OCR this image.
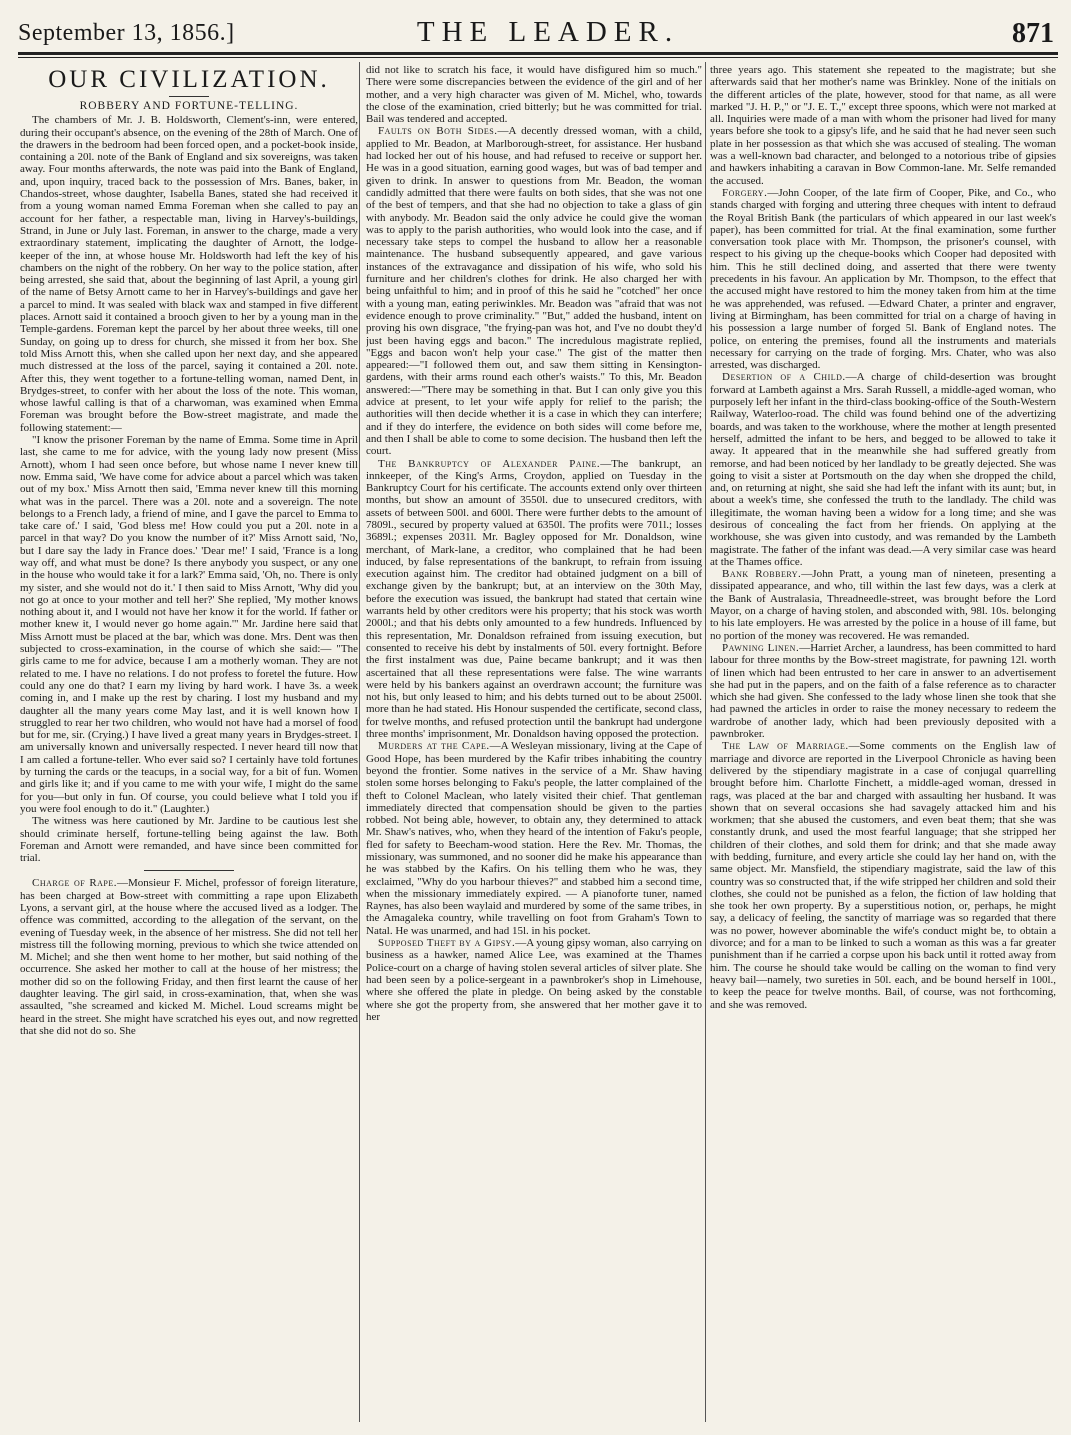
September 13, 1856.]	THE LEADER.	871
OUR CIVILIZATION.
ROBBERY AND FORTUNE-TELLING.

The chambers of Mr. J. B. Holdsworth, Clement's-inn, were entered, during their occupant's absence, on the evening of the 28th of March. One of the drawers in the bedroom had been forced open, and a pocket-book inside, containing a 20l. note of the Bank of England and six sovereigns, was taken away. Four months afterwards, the note was paid into the Bank of England, and, upon inquiry, traced back to the possession of Mrs. Banes, baker, in Chandos-street, whose daughter, Isabella Banes, stated she had received it from a young woman named Emma Foreman when she called to pay an account for her father, a respectable man, living in Harvey's-buildings, Strand, in June or July last. Foreman, in answer to the charge, made a very extraordinary statement, implicating the daughter of Arnott, the lodge-keeper of the inn, at whose house Mr. Holdsworth had left the key of his chambers on the night of the robbery. On her way to the police station, after being arrested, she said that, about the beginning of last April, a young girl of the name of Betsy Arnott came to her in Harvey's-buildings and gave her a parcel to mind. It was sealed with black wax and stamped in five different places. Arnott said it contained a brooch given to her by a young man in the Temple-gardens. Foreman kept the parcel by her about three weeks, till one Sunday, on going up to dress for church, she missed it from her box. She told Miss Arnott this, when she called upon her next day, and she appeared much distressed at the loss of the parcel, saying it contained a 20l. note. After this, they went together to a fortune-telling woman, named Dent, in Brydges-street, to confer with her about the loss of the note. This woman, whose lawful calling is that of a charwoman, was examined when Emma Foreman was brought before the Bow-street magistrate, and made the following statement:—

"I know the prisoner Foreman by the name of Emma. Some time in April last, she came to me for advice, with the young lady now present (Miss Arnott), whom I had seen once before, but whose name I never knew till now. Emma said, 'We have come for advice about a parcel which was taken out of my box.' Miss Arnott then said, 'Emma never knew till this morning what was in the parcel. There was a 20l. note and a sovereign. The note belongs to a French lady, a friend of mine, and I gave the parcel to Emma to take care of.' I said, 'God bless me! How could you put a 20l. note in a parcel in that way? Do you know the number of it?' Miss Arnott said, 'No, but I dare say the lady in France does.' 'Dear me!' I said, 'France is a long way off, and what must be done? Is there anybody you suspect, or any one in the house who would take it for a lark?' Emma said, 'Oh, no. There is only my sister, and she would not do it.' I then said to Miss Arnott, 'Why did you not go at once to your mother and tell her?' She replied, 'My mother knows nothing about it, and I would not have her know it for the world. If father or mother knew it, I would never go home again.'" Mr. Jardine here said that Miss Arnott must be placed at the bar, which was done. Mrs. Dent was then subjected to cross-examination, in the course of which she said:— "The girls came to me for advice, because I am a motherly woman. They are not related to me. I have no relations. I do not profess to foretel the future. How could any one do that? I earn my living by hard work. I have 3s. a week coming in, and I make up the rest by charing. I lost my husband and my daughter all the many years come May last, and it is well known how I struggled to rear her two children, who would not have had a morsel of food but for me, sir. (Crying.) I have lived a great many years in Brydges-street. I am universally known and universally respected. I never heard till now that I am called a fortune-teller. Who ever said so? I certainly have told fortunes by turning the cards or the teacups, in a social way, for a bit of fun. Women and girls like it; and if you came to me with your wife, I might do the same for you—but only in fun. Of course, you could believe what I told you if you were fool enough to do it." (Laughter.)

The witness was here cautioned by Mr. Jardine to be cautious lest she should criminate herself, fortune-telling being against the law. Both Foreman and Arnott were remanded, and have since been committed for trial.

Charge of Rape.—Monsieur F. Michel, professor of foreign literature, has been charged at Bow-street with committing a rape upon Elizabeth Lyons, a servant girl, at the house where the accused lived as a lodger. The offence was committed, according to the allegation of the servant, on the evening of Tuesday week, in the absence of her mistress. She did not tell her mistress till the following morning, previous to which she twice attended on M. Michel; and she then went home to her mother, but said nothing of the occurrence. She asked her mother to call at the house of her mistress; the mother did so on the following Friday, and then first learnt the cause of her daughter leaving. The girl said, in cross-examination, that, when she was assaulted, "she screamed and kicked M. Michel. Loud screams might be heard in the street. She might have scratched his eyes out, and now regretted that she did not do so. She

did not like to scratch his face, it would have disfigured him so much." There were some discrepancies between the evidence of the girl and of her mother, and a very high character was given of M. Michel, who, towards the close of the examination, cried bitterly; but he was committed for trial. Bail was tendered and accepted.

Faults on Both Sides.—A decently dressed woman, with a child, applied to Mr. Beadon, at Marlborough-street, for assistance. Her husband had locked her out of his house, and had refused to receive or support her. He was in a good situation, earning good wages, but was of bad temper and given to drink. In answer to questions from Mr. Beadon, the woman candidly admitted that there were faults on both sides, that she was not one of the best of tempers, and that she had no objection to take a glass of gin with anybody. Mr. Beadon said the only advice he could give the woman was to apply to the parish authorities, who would look into the case, and if necessary take steps to compel the husband to allow her a reasonable maintenance. The husband subsequently appeared, and gave various instances of the extravagance and dissipation of his wife, who sold his furniture and her children's clothes for drink. He also charged her with being unfaithful to him; and in proof of this he said he "cotched" her once with a young man, eating periwinkles. Mr. Beadon was "afraid that was not evidence enough to prove criminality." "But," added the husband, intent on proving his own disgrace, "the frying-pan was hot, and I've no doubt they'd just been having eggs and bacon." The incredulous magistrate replied, "Eggs and bacon won't help your case." The gist of the matter then appeared:—"I followed them out, and saw them sitting in Kensington-gardens, with their arms round each other's waists." To this, Mr. Beadon answered:—"There may be something in that. But I can only give you this advice at present, to let your wife apply for relief to the parish; the authorities will then decide whether it is a case in which they can interfere; and if they do interfere, the evidence on both sides will come before me, and then I shall be able to come to some decision. The husband then left the court.

The Bankruptcy of Alexander Paine.—The bankrupt, an innkeeper, of the King's Arms, Croydon, applied on Tuesday in the Bankruptcy Court for his certificate. The accounts extend only over thirteen months, but show an amount of 3550l. due to unsecured creditors, with assets of between 500l. and 600l. There were further debts to the amount of 7809l., secured by property valued at 6350l. The profits were 701l.; losses 3689l.; expenses 2031l. Mr. Bagley opposed for Mr. Donaldson, wine merchant, of Mark-lane, a creditor, who complained that he had been induced, by false representations of the bankrupt, to refrain from issuing execution against him. The creditor had obtained judgment on a bill of exchange given by the bankrupt; but, at an interview on the 30th May, before the execution was issued, the bankrupt had stated that certain wine warrants held by other creditors were his property; that his stock was worth 2000l.; and that his debts only amounted to a few hundreds. Influenced by this representation, Mr. Donaldson refrained from issuing execution, but consented to receive his debt by instalments of 50l. every fortnight. Before the first instalment was due, Paine became bankrupt; and it was then ascertained that all these representations were false. The wine warrants were held by his bankers against an overdrawn account; the furniture was not his, but only leased to him; and his debts turned out to be about 2500l. more than he had stated. His Honour suspended the certificate, second class, for twelve months, and refused protection until the bankrupt had undergone three months' imprisonment, Mr. Donaldson having opposed the protection.

Murders at the Cape.—A Wesleyan missionary, living at the Cape of Good Hope, has been murdered by the Kafir tribes inhabiting the country beyond the frontier. Some natives in the service of a Mr. Shaw having stolen some horses belonging to Faku's people, the latter complained of the theft to Colonel Maclean, who lately visited their chief. That gentleman immediately directed that compensation should be given to the parties robbed. Not being able, however, to obtain any, they determined to attack Mr. Shaw's natives, who, when they heard of the intention of Faku's people, fled for safety to Beecham-wood station. Here the Rev. Mr. Thomas, the missionary, was summoned, and no sooner did he make his appearance than he was stabbed by the Kafirs. On his telling them who he was, they exclaimed, "Why do you harbour thieves?" and stabbed him a second time, when the missionary immediately expired. — A pianoforte tuner, named Raynes, has also been waylaid and murdered by some of the same tribes, in the Amagaleka country, while travelling on foot from Graham's Town to Natal. He was unarmed, and had 15l. in his pocket.

Supposed Theft by a Gipsy.—A young gipsy woman, also carrying on business as a hawker, named Alice Lee, was examined at the Thames Police-court on a charge of having stolen several articles of silver plate. She had been seen by a police-sergeant in a pawnbroker's shop in Limehouse, where she offered the plate in pledge. On being asked by the constable where she got the property from, she answered that her mother gave it to her

three years ago. This statement she repeated to the magistrate; but she afterwards said that her mother's name was Brinkley. None of the initials on the different articles of the plate, however, stood for that name, as all were marked "J. H. P.," or "J. E. T.," except three spoons, which were not marked at all. Inquiries were made of a man with whom the prisoner had lived for many years before she took to a gipsy's life, and he said that he had never seen such plate in her possession as that which she was accused of stealing. The woman was a well-known bad character, and belonged to a notorious tribe of gipsies and hawkers inhabiting a caravan in Bow Common-lane. Mr. Selfe remanded the accused.

Forgery.—John Cooper, of the late firm of Cooper, Pike, and Co., who stands charged with forging and uttering three cheques with intent to defraud the Royal British Bank (the particulars of which appeared in our last week's paper), has been committed for trial. At the final examination, some further conversation took place with Mr. Thompson, the prisoner's counsel, with respect to his giving up the cheque-books which Cooper had deposited with him. This he still declined doing, and asserted that there were twenty precedents in his favour. An application by Mr. Thompson, to the effect that the accused might have restored to him the money taken from him at the time he was apprehended, was refused. —Edward Chater, a printer and engraver, living at Birmingham, has been committed for trial on a charge of having in his possession a large number of forged 5l. Bank of England notes. The police, on entering the premises, found all the instruments and materials necessary for carrying on the trade of forging. Mrs. Chater, who was also arrested, was discharged.

Desertion of a Child.—A charge of child-desertion was brought forward at Lambeth against a Mrs. Sarah Russell, a middle-aged woman, who purposely left her infant in the third-class booking-office of the South-Western Railway, Waterloo-road. The child was found behind one of the advertizing boards, and was taken to the workhouse, where the mother at length presented herself, admitted the infant to be hers, and begged to be allowed to take it away. It appeared that in the meanwhile she had suffered greatly from remorse, and had been noticed by her landlady to be greatly dejected. She was going to visit a sister at Portsmouth on the day when she dropped the child, and, on returning at night, she said she had left the infant with its aunt; but, in about a week's time, she confessed the truth to the landlady. The child was illegitimate, the woman having been a widow for a long time; and she was desirous of concealing the fact from her friends. On applying at the workhouse, she was given into custody, and was remanded by the Lambeth magistrate. The father of the infant was dead.—A very similar case was heard at the Thames office.

Bank Robbery.—John Pratt, a young man of nineteen, presenting a dissipated appearance, and who, till within the last few days, was a clerk at the Bank of Australasia, Threadneedle-street, was brought before the Lord Mayor, on a charge of having stolen, and absconded with, 98l. 10s. belonging to his late employers. He was arrested by the police in a house of ill fame, but no portion of the money was recovered. He was remanded.

Pawning Linen.—Harriet Archer, a laundress, has been committed to hard labour for three months by the Bow-street magistrate, for pawning 12l. worth of linen which had been entrusted to her care in answer to an advertisement she had put in the papers, and on the faith of a false reference as to character which she had given. She confessed to the lady whose linen she took that she had pawned the articles in order to raise the money necessary to redeem the wardrobe of another lady, which had been previously deposited with a pawnbroker.

The Law of Marriage.—Some comments on the English law of marriage and divorce are reported in the Liverpool Chronicle as having been delivered by the stipendiary magistrate in a case of conjugal quarrelling brought before him. Charlotte Finchett, a middle-aged woman, dressed in rags, was placed at the bar and charged with assaulting her husband. It was shown that on several occasions she had savagely attacked him and his workmen; that she abused the customers, and even beat them; that she was constantly drunk, and used the most fearful language; that she stripped her children of their clothes, and sold them for drink; and that she made away with bedding, furniture, and every article she could lay her hand on, with the same object. Mr. Mansfield, the stipendiary magistrate, said the law of this country was so constructed that, if the wife stripped her children and sold their clothes, she could not be punished as a felon, the fiction of law holding that she took her own property. By a superstitious notion, or, perhaps, he might say, a delicacy of feeling, the sanctity of marriage was so regarded that there was no power, however abominable the wife's conduct might be, to obtain a divorce; and for a man to be linked to such a woman as this was a far greater punishment than if he carried a corpse upon his back until it rotted away from him. The course he should take would be calling on the woman to find very heavy bail—namely, two sureties in 50l. each, and be bound herself in 100l., to keep the peace for twelve months. Bail, of course, was not forthcoming, and she was removed.
